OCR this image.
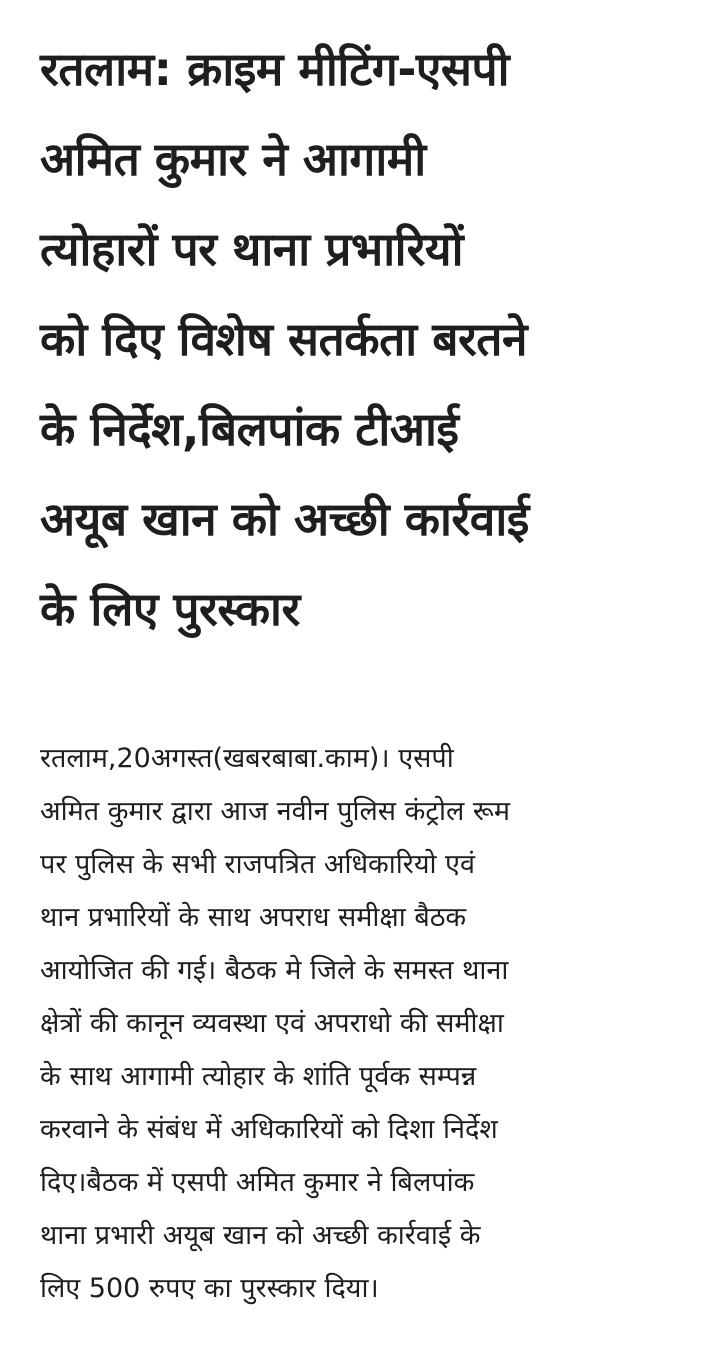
रतलाम: क्राइम मीटिंग-एसपी
अमित कुमार ने आगामी
त्योहारों पर थाना प्रभारियों
को दिए विशेष सतर्कता बरतने
के निर्देश,बिलपांक टीआई
अयूब खान को अच्छी कार्रवाई
के लिए पुरस्कार

रतलाम,20अगस्त(खबरबाबा.काम)। एसपी
अमित कुमार द्वारा आज नवीन पुलिस कंट्रोल रूम
पर पुलिस के सभी राजपत्रित अधिकारियो एवं
थान प्रभारियों के साथ अपराध समीक्षा बैठक
आयोजित की गई। बैठक मे जिले के समस्त थाना
क्षेत्रों की कानून व्यवस्था एवं अपराधो की समीक्षा
के साथ आगामी त्योहार के शांति पूर्वक सम्पन्न
करवाने के संबंध में अधिकारियों को दिशा निर्देश
दिए।बैठक में एसपी अमित कुमार ने बिलपांक
थाना प्रभारी अयूब खान को अच्छी कार्रवाई के
लिए 500 रुपए का पुरस्कार दिया।
